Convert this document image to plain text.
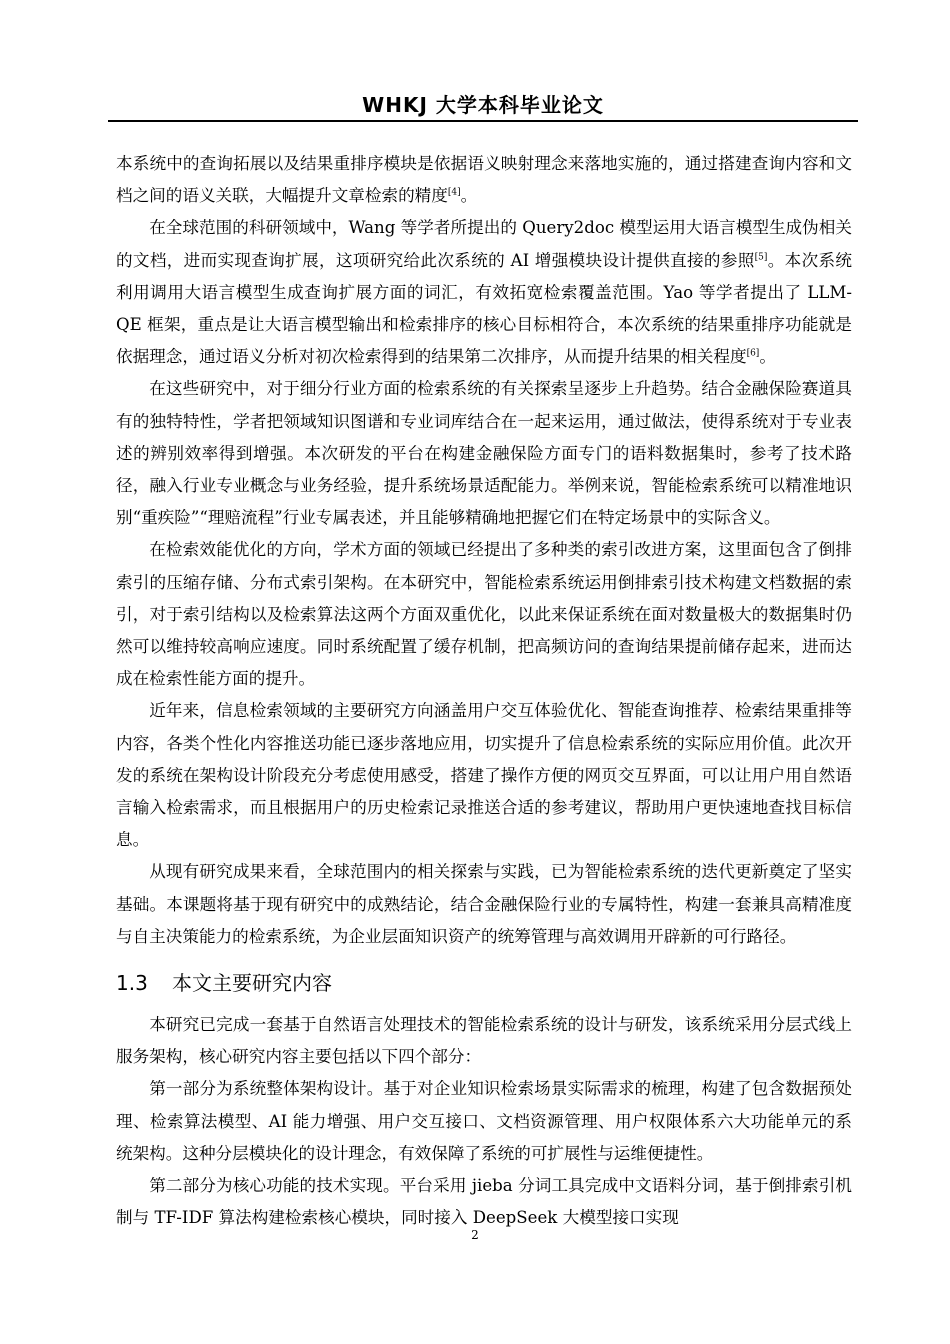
WHKJ 大学本科毕业论文

本系统中的查询拓展以及结果重排序模块是依据语义映射理念来落地实施的，通过搭建查询内容和文档之间的语义关联，大幅提升文章检索的精度[4]。

在全球范围的科研领域中，Wang 等学者所提出的 Query2doc 模型运用大语言模型生成伪相关的文档，进而实现查询扩展，这项研究给此次系统的 AI 增强模块设计提供直接的参照[5]。本次系统利用调用大语言模型生成查询扩展方面的词汇，有效拓宽检索覆盖范围。Yao 等学者提出了 LLM-QE 框架，重点是让大语言模型输出和检索排序的核心目标相符合，本次系统的结果重排序功能就是依据理念，通过语义分析对初次检索得到的结果第二次排序，从而提升结果的相关程度[6]。

在这些研究中，对于细分行业方面的检索系统的有关探索呈逐步上升趋势。结合金融保险赛道具有的独特特性，学者把领域知识图谱和专业词库结合在一起来运用，通过做法，使得系统对于专业表述的辨别效率得到增强。本次研发的平台在构建金融保险方面专门的语料数据集时，参考了技术路径，融入行业专业概念与业务经验，提升系统场景适配能力。举例来说，智能检索系统可以精准地识别“重疾险”“理赔流程”行业专属表述，并且能够精确地把握它们在特定场景中的实际含义。

在检索效能优化的方向，学术方面的领域已经提出了多种类的索引改进方案，这里面包含了倒排索引的压缩存储、分布式索引架构。在本研究中，智能检索系统运用倒排索引技术构建文档数据的索引，对于索引结构以及检索算法这两个方面双重优化，以此来保证系统在面对数量极大的数据集时仍然可以维持较高响应速度。同时系统配置了缓存机制，把高频访问的查询结果提前储存起来，进而达成在检索性能方面的提升。

近年来，信息检索领域的主要研究方向涵盖用户交互体验优化、智能查询推荐、检索结果重排等内容，各类个性化内容推送功能已逐步落地应用，切实提升了信息检索系统的实际应用价值。此次开发的系统在架构设计阶段充分考虑使用感受，搭建了操作方便的网页交互界面，可以让用户用自然语言输入检索需求，而且根据用户的历史检索记录推送合适的参考建议，帮助用户更快速地查找目标信息。

从现有研究成果来看，全球范围内的相关探索与实践，已为智能检索系统的迭代更新奠定了坚实基础。本课题将基于现有研究中的成熟结论，结合金融保险行业的专属特性，构建一套兼具高精准度与自主决策能力的检索系统，为企业层面知识资产的统筹管理与高效调用开辟新的可行路径。

1.3 本文主要研究内容

本研究已完成一套基于自然语言处理技术的智能检索系统的设计与研发，该系统采用分层式线上服务架构，核心研究内容主要包括以下四个部分：

第一部分为系统整体架构设计。基于对企业知识检索场景实际需求的梳理，构建了包含数据预处理、检索算法模型、AI 能力增强、用户交互接口、文档资源管理、用户权限体系六大功能单元的系统架构。这种分层模块化的设计理念，有效保障了系统的可扩展性与运维便捷性。

第二部分为核心功能的技术实现。平台采用 jieba 分词工具完成中文语料分词，基于倒排索引机制与 TF-IDF 算法构建检索核心模块，同时接入 DeepSeek 大模型接口实现

2
